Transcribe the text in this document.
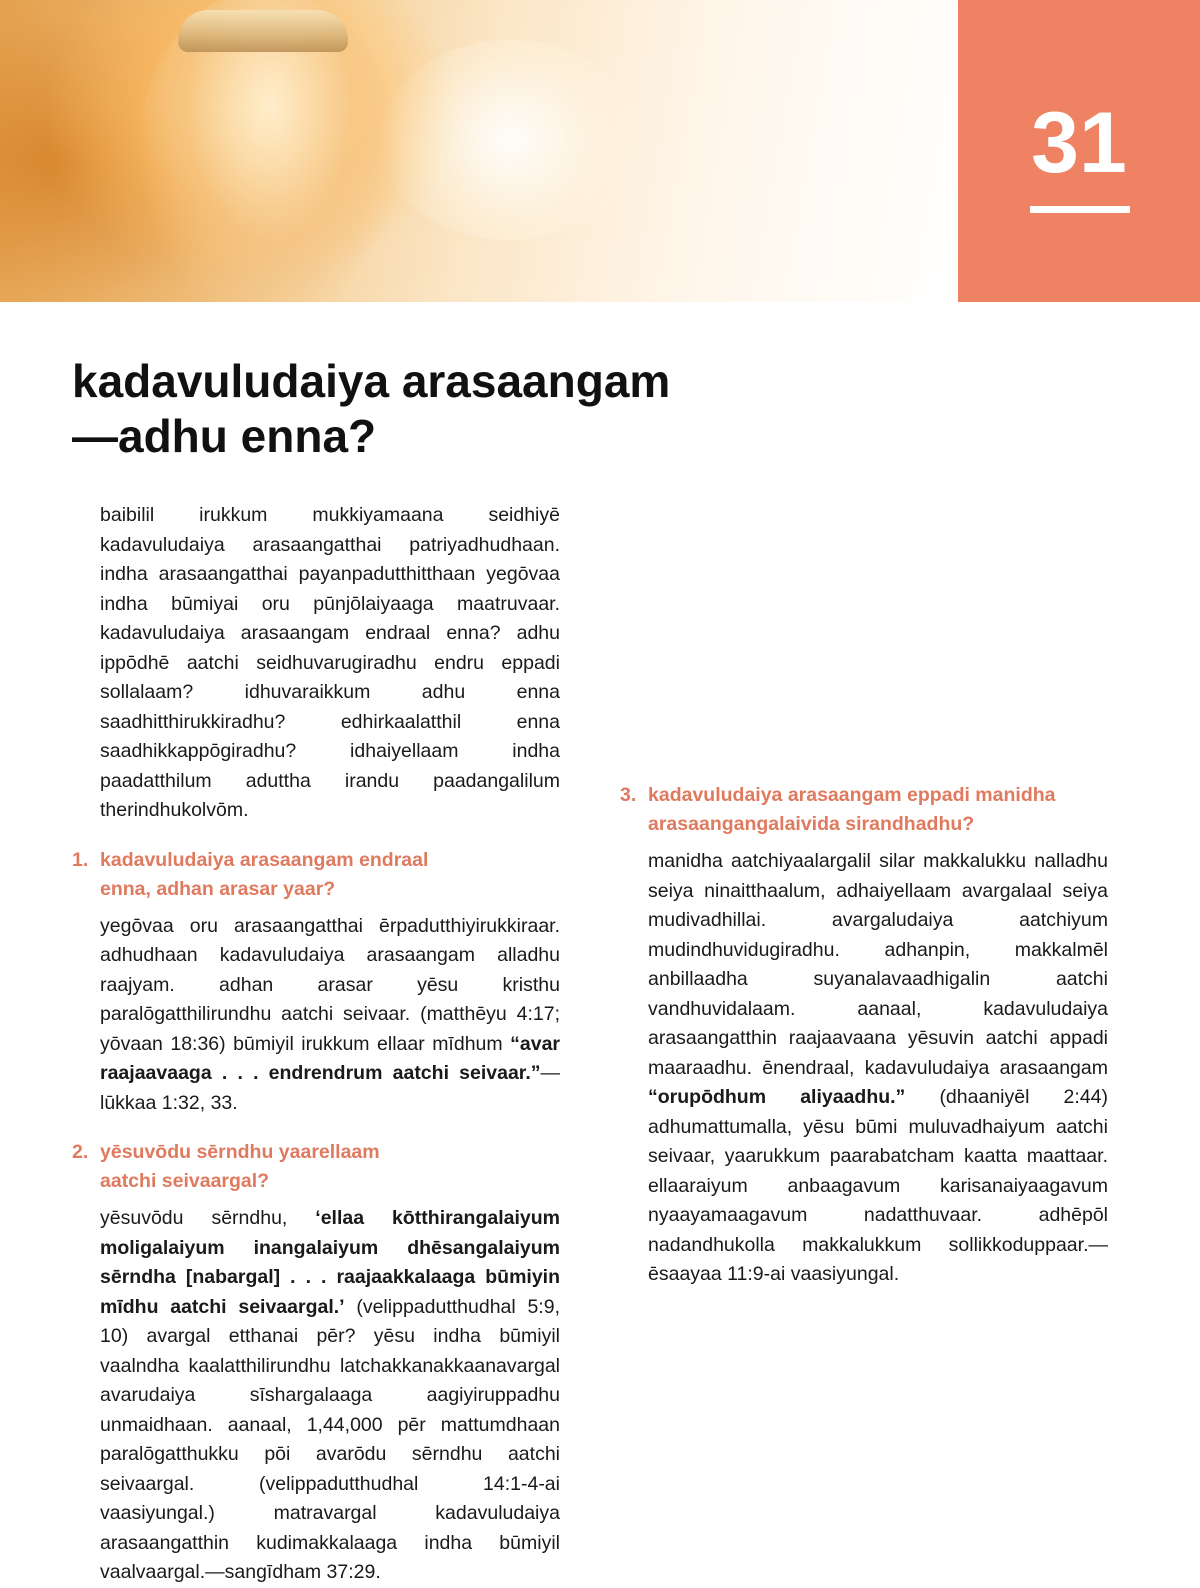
31
kadavuludaiya arasaangam
—adhu enna?

baibilil irukkum mukkiyamaana seidhiyē kadavuludaiya arasaangatthai patriyadhudhaan. indha arasaangatthai payanpadutthitthaan yegōvaa indha būmiyai oru pūnjōlaiyaaga maatruvaar. kadavuludaiya arasaangam endraal enna? adhu ippōdhē aatchi seidhuvarugiradhu endru eppadi sollalaam? idhuvaraikkum adhu enna saadhitthirukkiradhu? edhirkaalatthil enna saadhikkappōgiradhu? idhaiyellaam indha paadatthilum aduttha irandu paadangalilum therindhukolvōm.

1. kadavuludaiya arasaangam endraal
enna, adhan arasar yaar?

yegōvaa oru arasaangatthai ērpadutthiyirukkiraar. adhudhaan kadavuludaiya arasaangam alladhu raajyam. adhan arasar yēsu kristhu paralōgatthilirundhu aatchi seivaar. (matthēyu 4:17; yōvaan 18:36) būmiyil irukkum ellaar mīdhum “avar raajaavaaga . . . endrendrum aatchi seivaar.”—lūkkaa 1:32, 33.

2. yēsuvōdu sērndhu yaarellaam
aatchi seivaargal?

yēsuvōdu sērndhu, ‘ellaa kōtthirangalaiyum moligalaiyum inangalaiyum dhēsangalaiyum sērndha [nabargal] . . . raajaakkalaaga būmiyin mīdhu aatchi seivaargal.’ (velippadutthudhal 5:9, 10) avargal etthanai pēr? yēsu indha būmiyil vaalndha kaalatthilirundhu latchakkanakkaanavargal avarudaiya sīshargalaaga aagiyiruppadhu unmaidhaan. aanaal, 1,44,000 pēr mattumdhaan paralōgatthukku pōi avarōdu sērndhu aatchi seivaargal. (velippadutthudhal 14:1-4-ai vaasiyungal.) matravargal kadavuludaiya arasaangatthin kudimakkalaaga indha būmiyil vaalvaargal.—sangīdham 37:29.

3. kadavuludaiya arasaangam eppadi manidha
arasaangangalaivida sirandhadhu?

manidha aatchiyaalargalil silar makkalukku nalladhu seiya ninaitthaalum, adhaiyellaam avargalaal seiya mudivadhillai. avargaludaiya aatchiyum mudindhuvidugiradhu. adhanpin, makkalmēl anbillaadha suyanalavaadhigalin aatchi vandhuvidalaam. aanaal, kadavuludaiya arasaangatthin raajaavaana yēsuvin aatchi appadi maaraadhu. ēnendraal, kadavuludaiya arasaangam “orupōdhum aliyaadhu.” (dhaaniyēl 2:44) adhumattumalla, yēsu būmi muluvadhaiyum aatchi seivaar, yaarukkum paarabatcham kaatta maattaar. ellaaraiyum anbaagavum karisanaiyaagavum nyaayamaagavum nadatthuvaar. adhēpōl nadandhukolla makkalukkum sollikkoduppaar.—ēsaayaa 11:9-ai vaasiyungal.
